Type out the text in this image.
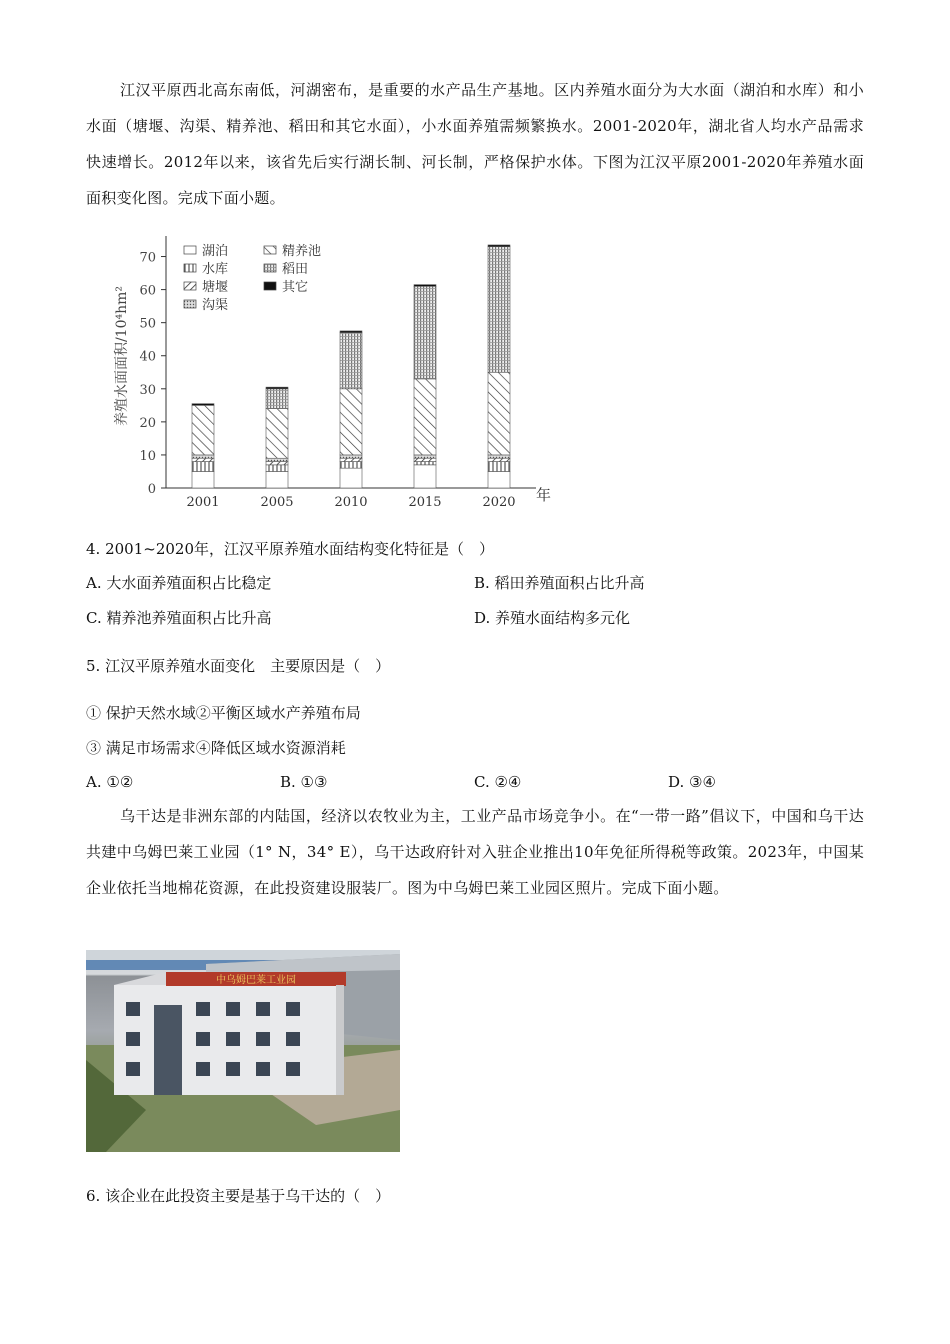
江汉平原西北高东南低，河湖密布，是重要的水产品生产基地。区内养殖水面分为大水面（湖泊和水库）和小水面（塘堰、沟渠、精养池、稻田和其它水面），小水面养殖需频繁换水。2001-2020年，湖北省人均水产品需求快速增长。2012年以来，该省先后实行湖长制、河长制，严格保护水体。下图为江汉平原2001-2020年养殖水面面积变化图。完成下面小题。

0
10
20
30
40
50
60
70
2001	2005	2010	2015	2020
湖泊
水库
塘堰
沟渠
精养池
稻田
其它
养殖水面面积/10⁴hm²
年

4. 2001~2020年，江汉平原养殖水面结构变化特征是（　）

A. 大水面养殖面积占比稳定	B. 稻田养殖面积占比升高

C. 精养池养殖面积占比升高	D. 养殖水面结构多元化

5. 江汉平原养殖水面变化　主要原因是（　）

① 保护天然水域②平衡区域水产养殖布局

③ 满足市场需求④降低区域水资源消耗

A. ①②	B. ①③	C. ②④	D. ③④

乌干达是非洲东部的内陆国，经济以农牧业为主，工业产品市场竞争小。在“一带一路”倡议下，中国和乌干达共建中乌姆巴莱工业园（1° N，34° E），乌干达政府针对入驻企业推出10年免征所得税等政策。2023年，中国某企业依托当地棉花资源，在此投资建设服装厂。图为中乌姆巴莱工业园区照片。完成下面小题。

中乌姆巴莱工业园

6. 该企业在此投资主要是基于乌干达的（　）
